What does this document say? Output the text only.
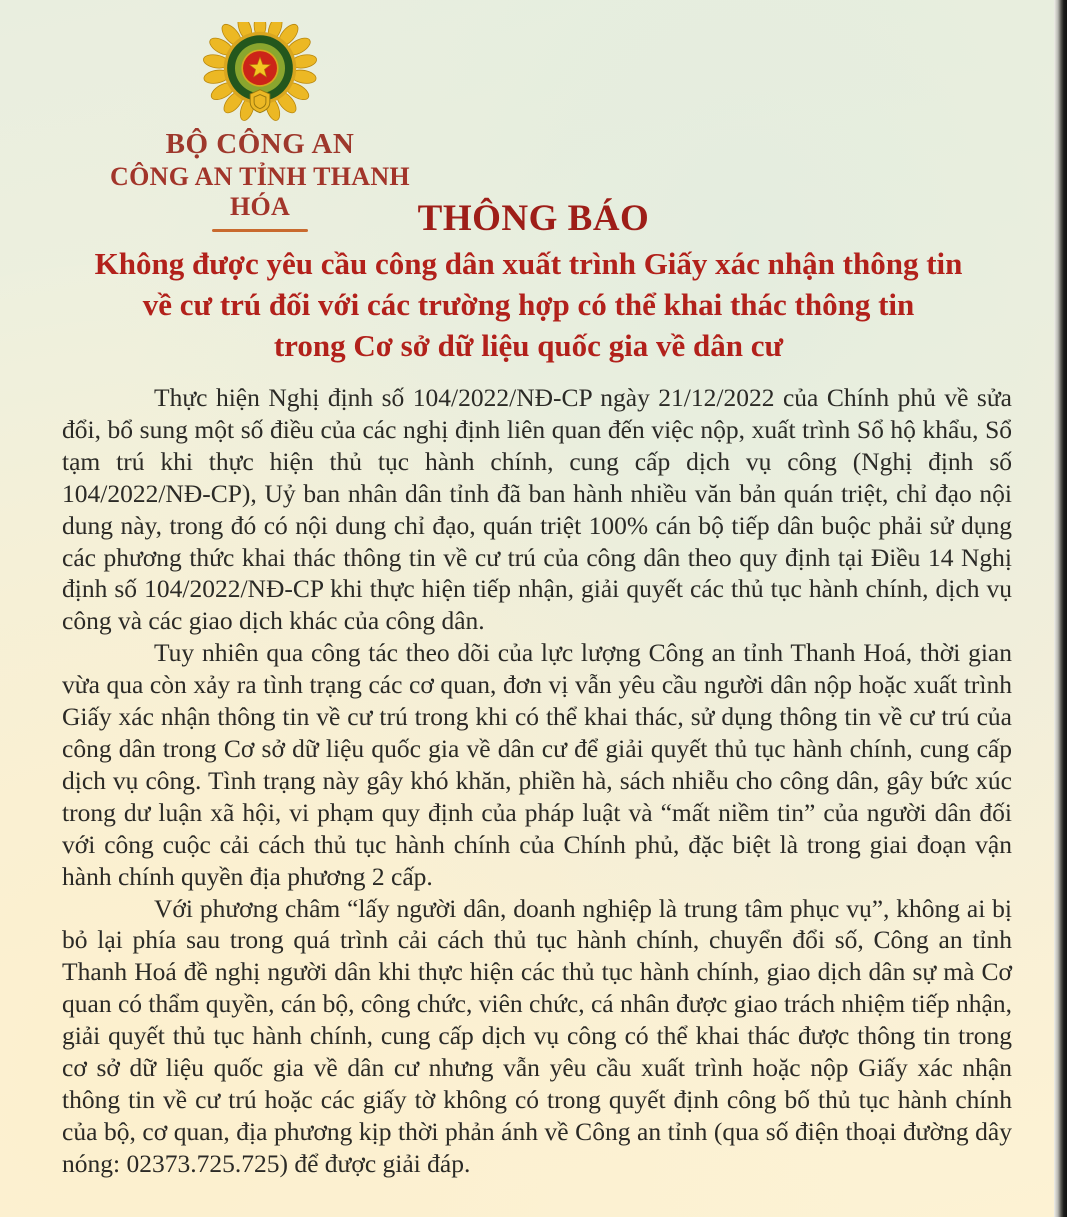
BỘ CÔNG AN
CÔNG AN TỈNH THANH HÓA	THÔNG BÁO
Không được yêu cầu công dân xuất trình Giấy xác nhận thông tin
về cư trú đối với các trường hợp có thể khai thác thông tin
trong Cơ sở dữ liệu quốc gia về dân cư

Thực hiện Nghị định số 104/2022/NĐ-CP ngày 21/12/2022 của Chính phủ về sửa đổi, bổ sung một số điều của các nghị định liên quan đến việc nộp, xuất trình Sổ hộ khẩu, Sổ tạm trú khi thực hiện thủ tục hành chính, cung cấp dịch vụ công (Nghị định số 104/2022/NĐ-CP), Uỷ ban nhân dân tỉnh đã ban hành nhiều văn bản quán triệt, chỉ đạo nội dung này, trong đó có nội dung chỉ đạo, quán triệt 100% cán bộ tiếp dân buộc phải sử dụng các phương thức khai thác thông tin về cư trú của công dân theo quy định tại Điều 14 Nghị định số 104/2022/NĐ-CP khi thực hiện tiếp nhận, giải quyết các thủ tục hành chính, dịch vụ công và các giao dịch khác của công dân.

Tuy nhiên qua công tác theo dõi của lực lượng Công an tỉnh Thanh Hoá, thời gian vừa qua còn xảy ra tình trạng các cơ quan, đơn vị vẫn yêu cầu người dân nộp hoặc xuất trình Giấy xác nhận thông tin về cư trú trong khi có thể khai thác, sử dụng thông tin về cư trú của công dân trong Cơ sở dữ liệu quốc gia về dân cư để giải quyết thủ tục hành chính, cung cấp dịch vụ công. Tình trạng này gây khó khăn, phiền hà, sách nhiễu cho công dân, gây bức xúc trong dư luận xã hội, vi phạm quy định của pháp luật và “mất niềm tin” của người dân đối với công cuộc cải cách thủ tục hành chính của Chính phủ, đặc biệt là trong giai đoạn vận hành chính quyền địa phương 2 cấp.

Với phương châm “lấy người dân, doanh nghiệp là trung tâm phục vụ”, không ai bị bỏ lại phía sau trong quá trình cải cách thủ tục hành chính, chuyển đổi số, Công an tỉnh Thanh Hoá đề nghị người dân khi thực hiện các thủ tục hành chính, giao dịch dân sự mà Cơ quan có thẩm quyền, cán bộ, công chức, viên chức, cá nhân được giao trách nhiệm tiếp nhận, giải quyết thủ tục hành chính, cung cấp dịch vụ công có thể khai thác được thông tin trong cơ sở dữ liệu quốc gia về dân cư nhưng vẫn yêu cầu xuất trình hoặc nộp Giấy xác nhận thông tin về cư trú hoặc các giấy tờ không có trong quyết định công bố thủ tục hành chính của bộ, cơ quan, địa phương kịp thời phản ánh về Công an tỉnh (qua số điện thoại đường dây nóng: 02373.725.725) để được giải đáp.
